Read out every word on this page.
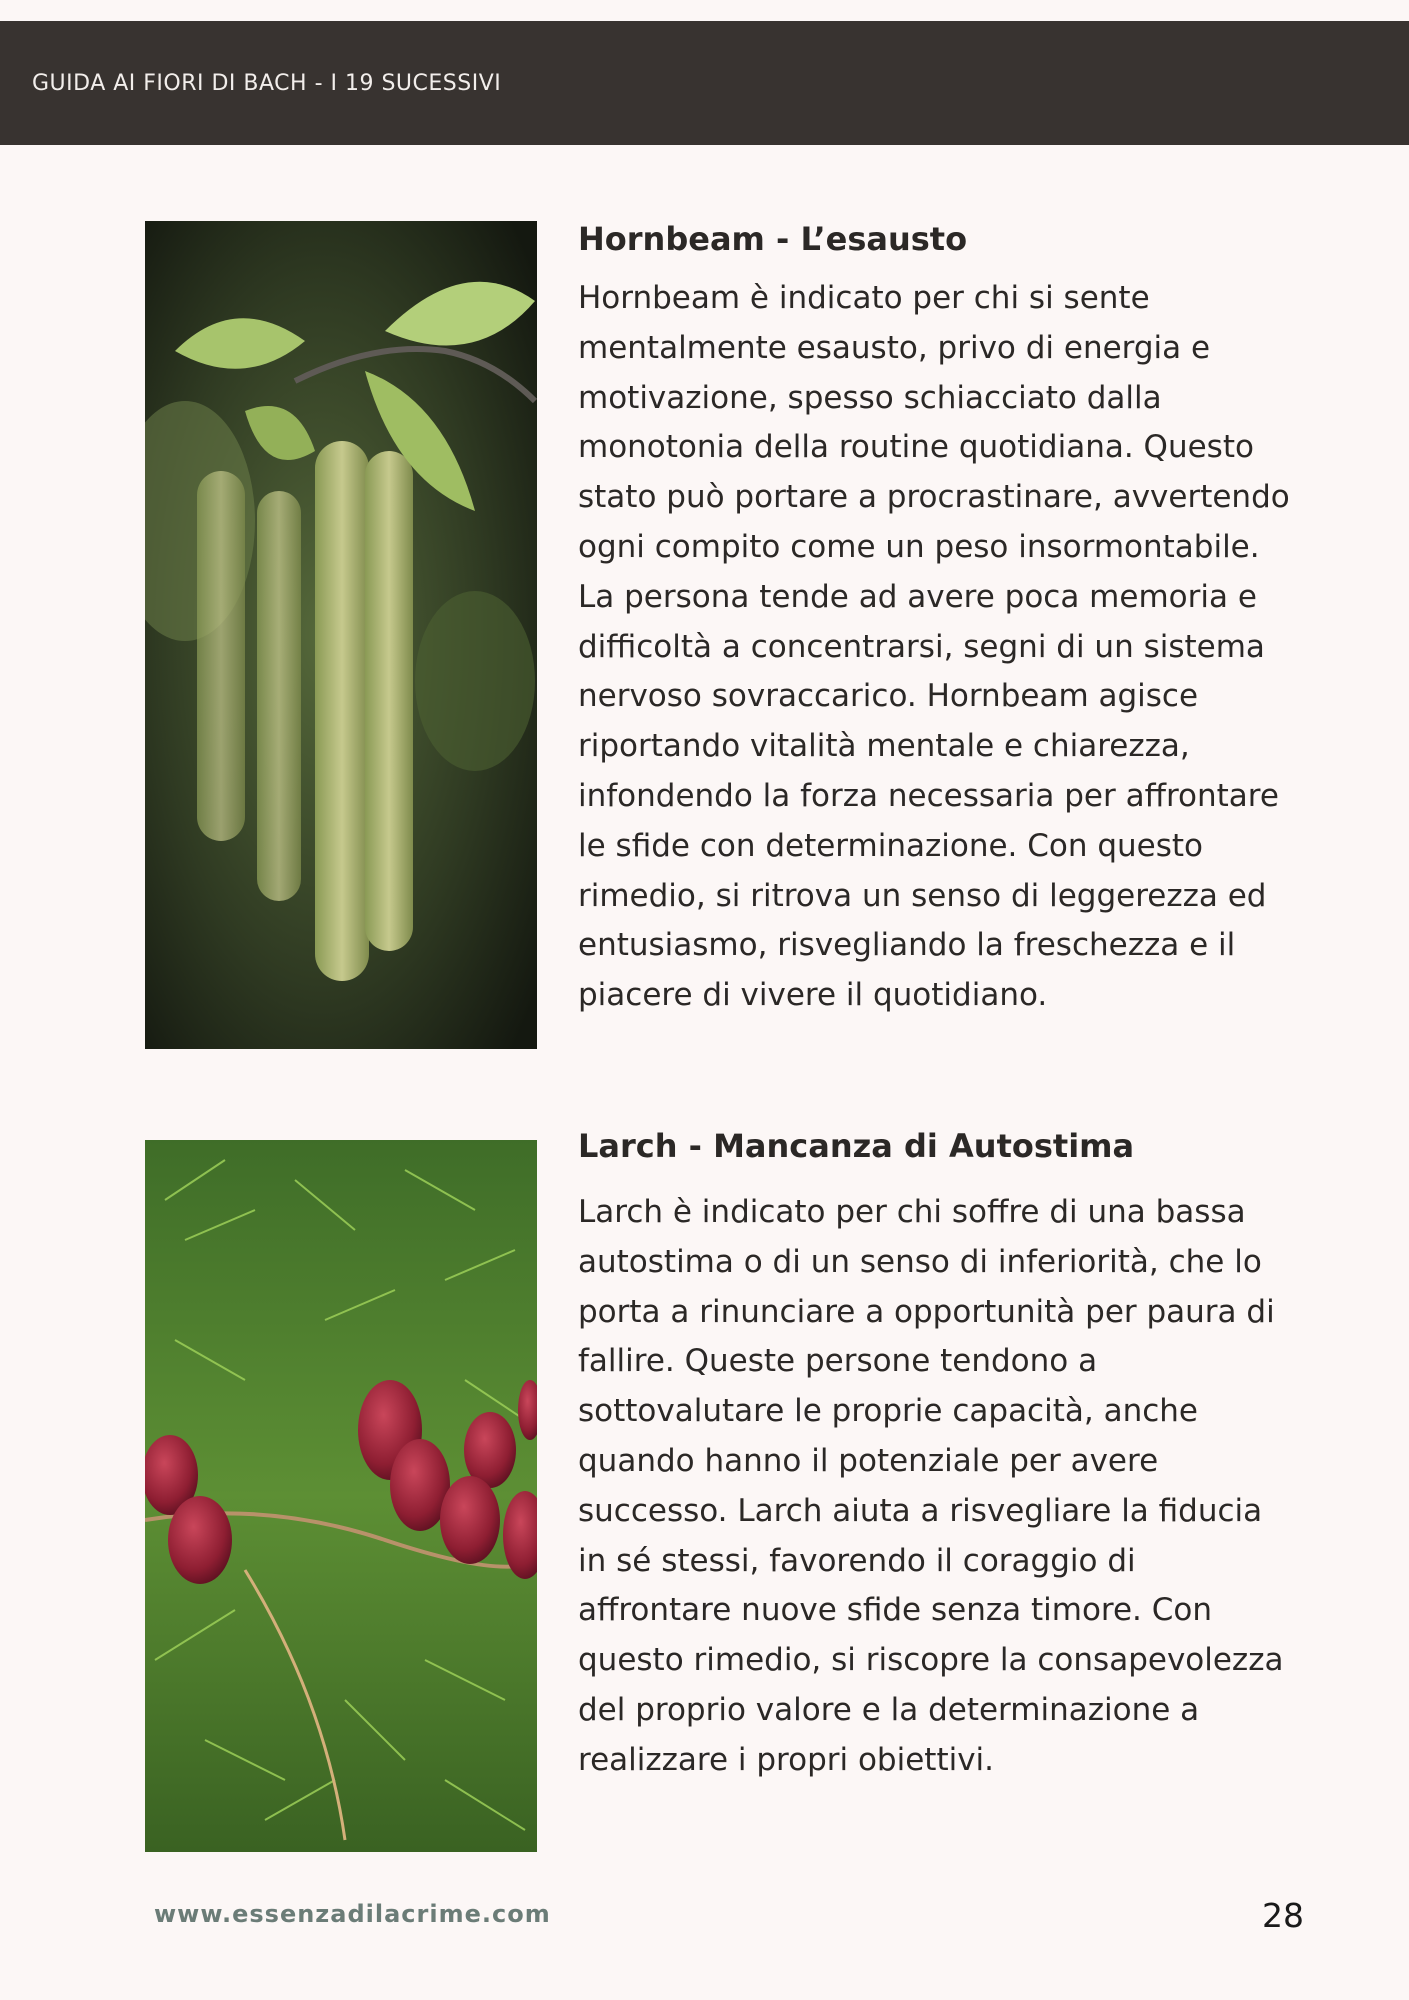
GUIDA AI FIORI DI BACH - I 19 SUCESSIVI
Hornbeam - L’esausto

Hornbeam è indicato per chi si sente mentalmente esausto, privo di energia e motivazione, spesso schiacciato dalla monotonia della routine quotidiana. Questo stato può portare a procrastinare, avvertendo ogni compito come un peso insormontabile. La persona tende ad avere poca memoria e difficoltà a concentrarsi, segni di un sistema nervoso sovraccarico. Hornbeam agisce riportando vitalità mentale e chiarezza, infondendo la forza necessaria per affrontare le sfide con determinazione. Con questo rimedio, si ritrova un senso di leggerezza ed entusiasmo, risvegliando la freschezza e il piacere di vivere il quotidiano.

Larch - Mancanza di Autostima

Larch è indicato per chi soffre di una bassa autostima o di un senso di inferiorità, che lo porta a rinunciare a opportunità per paura di fallire. Queste persone tendono a sottovalutare le proprie capacità, anche quando hanno il potenziale per avere successo. Larch aiuta a risvegliare la fiducia in sé stessi, favorendo il coraggio di affrontare nuove sfide senza timore. Con questo rimedio, si riscopre la consapevolezza del proprio valore e la determinazione a realizzare i propri obiettivi.

www.essenzadilacrime.com	28
